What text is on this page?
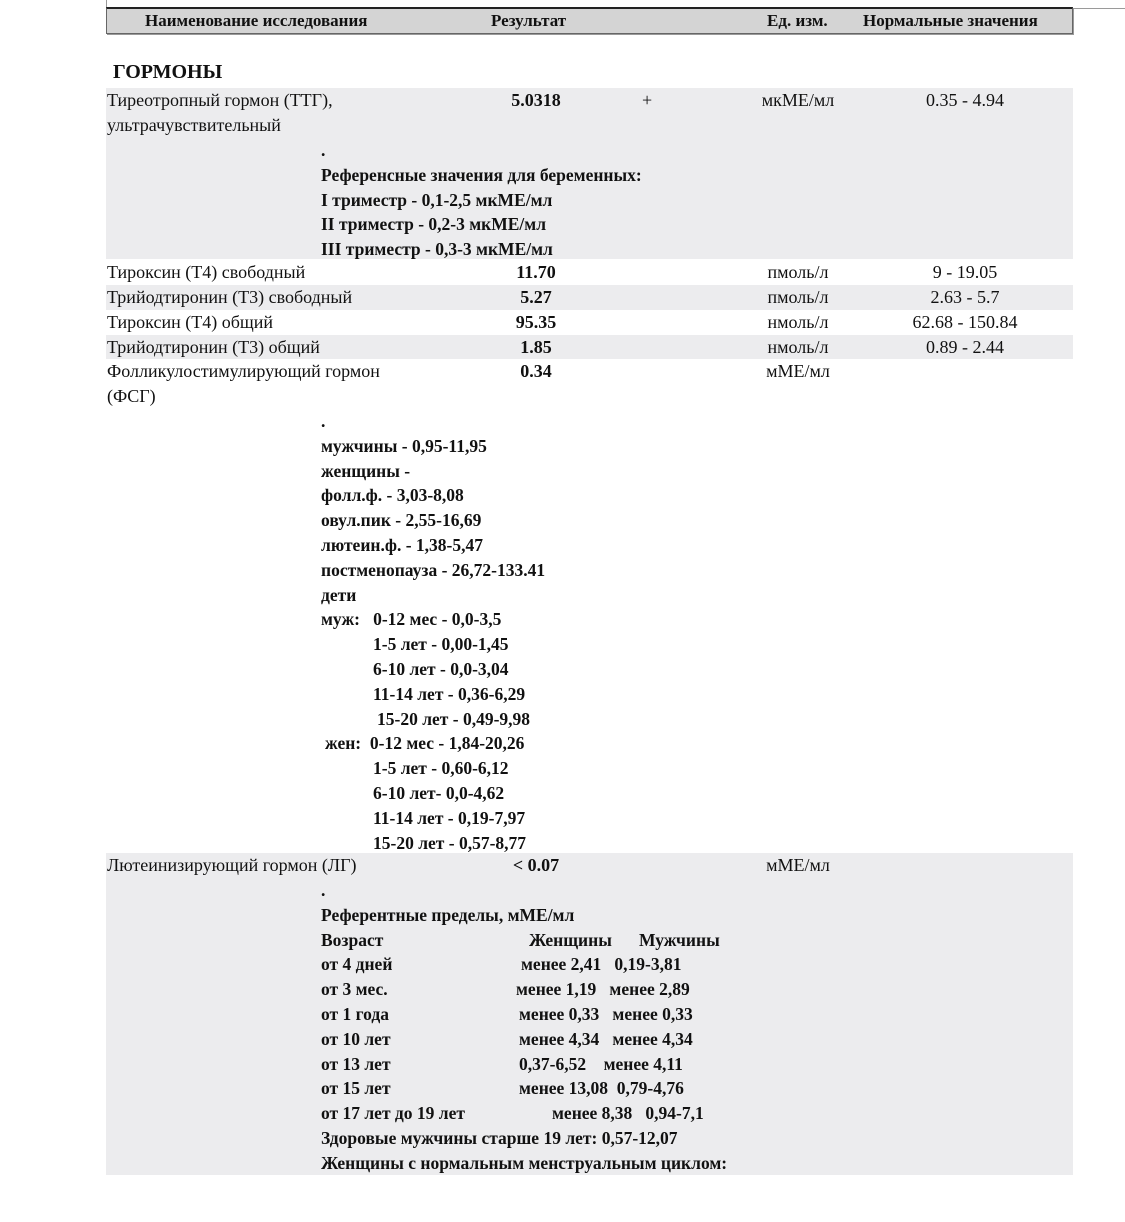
Наименование исследования	Результат	Ед. изм. Нормальные значения
ГОРМОНЫ
Тиреотропный гормон (ТТГ),
ультрачувствительный
5.0318	+	мкМЕ/мл	0.35 - 4.94
.
Референсные значения для беременных:
I триместр - 0,1-2,5 мкМЕ/мл
II триместр - 0,2-3 мкМЕ/мл
III триместр - 0,3-3 мкМЕ/мл
Тироксин (Т4) свободный	11.70	пмоль/л	9 - 19.05
Трийодтиронин (Т3) свободный	5.27	пмоль/л	2.63 - 5.7
Тироксин (Т4) общий	95.35	нмоль/л	62.68 - 150.84
Трийодтиронин (Т3) общий	1.85	нмоль/л	0.89 - 2.44
Фолликулостимулирующий гормон
(ФСГ)
0.34	мМЕ/мл
.
мужчины - 0,95-11,95
женщины -
фолл.ф. - 3,03-8,08
овул.пик - 2,55-16,69
лютеин.ф. - 1,38-5,47
постменопауза - 26,72-133.41
дети
муж:   0-12 мес - 0,0-3,5
1-5 лет - 0,00-1,45
6-10 лет - 0,0-3,04
11-14 лет - 0,36-6,29
15-20 лет - 0,49-9,98
жен:  0-12 мес - 1,84-20,26
1-5 лет - 0,60-6,12
6-10 лет- 0,0-4,62
11-14 лет - 0,19-7,97
15-20 лет - 0,57-8,77
Лютеинизирующий гормон (ЛГ)	< 0.07	мМЕ/мл
.
Референтные пределы, мМЕ/мл
Возраст	Женщины Мужчины
от 4 дней	менее 2,41   0,19-3,81
от 3 мес.	менее 1,19   менее 2,89
от 1 года	менее 0,33   менее 0,33
от 10 лет	менее 4,34   менее 4,34
от 13 лет	0,37-6,52    менее 4,11
от 15 лет	менее 13,08  0,79-4,76
от 17 лет до 19 лет	менее 8,38   0,94-7,1
Здоровые мужчины старше 19 лет: 0,57-12,07
Женщины с нормальным менструальным циклом:
